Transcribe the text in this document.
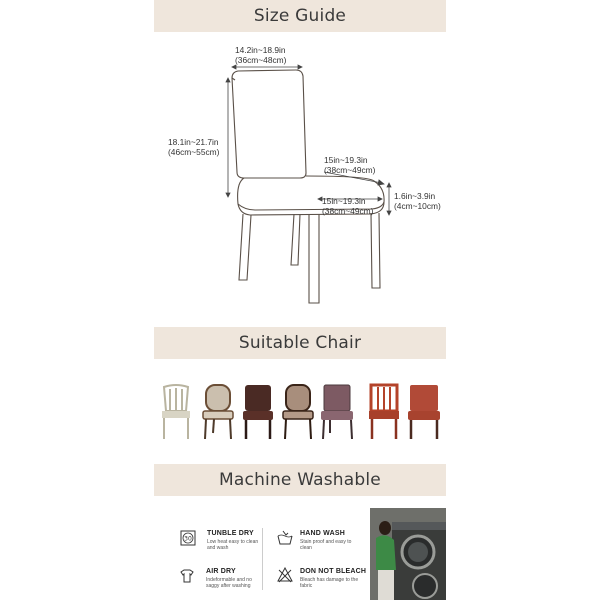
Size Guide
Suitable Chair
Machine Washable
14.2in~18.9in
(36cm~48cm)
18.1in~21.7in
(46cm~55cm)
15in~19.3in
(38cm~49cm)
15in~19.3in
(38cm~49cm)
1.6in~3.9in
(4cm~10cm)
30
TUNBLE DRY
Low heat easy to clean and wash
HAND WASH
Stain proof and easy to clean
AIR DRY
Indeformable and no saggy after washing
DON NOT BLEACH
Bleach has damage to the fabric
